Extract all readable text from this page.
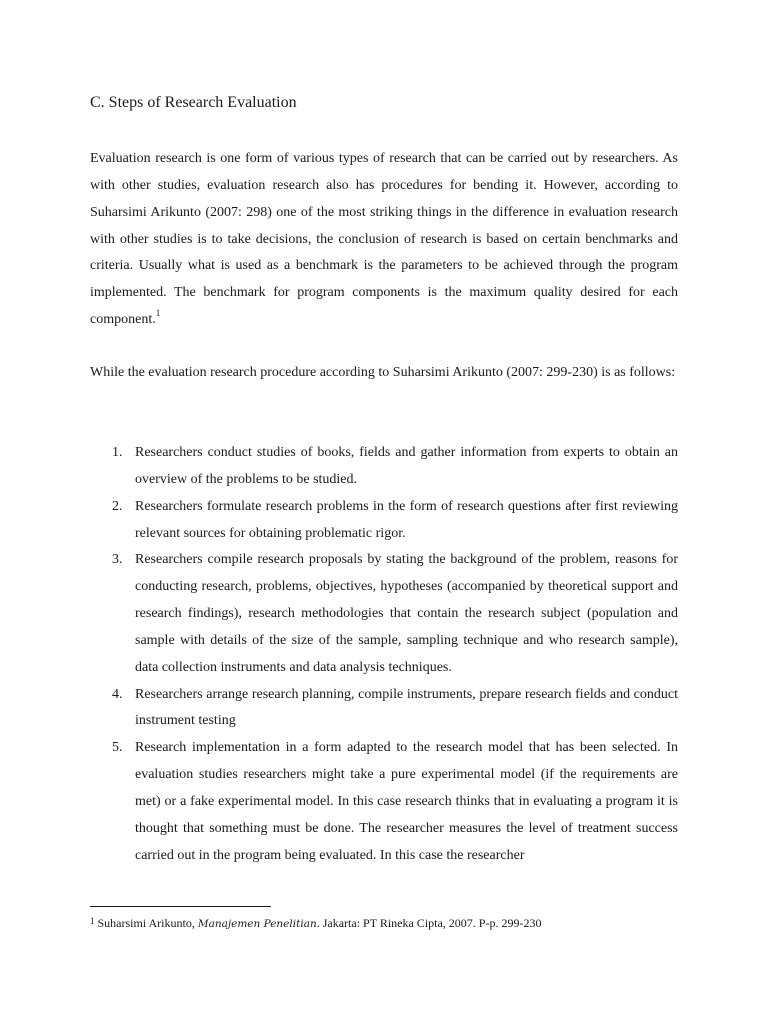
C. Steps of Research Evaluation

Evaluation research is one form of various types of research that can be carried out by researchers. As with other studies, evaluation research also has procedures for bending it. However, according to Suharsimi Arikunto (2007: 298) one of the most striking things in the difference in evaluation research with other studies is to take decisions, the conclusion of research is based on certain benchmarks and criteria. Usually what is used as a benchmark is the parameters to be achieved through the program implemented. The benchmark for program components is the maximum quality desired for each component.$^1$

While the evaluation research procedure according to Suharsimi Arikunto (2007: 299-230) is as follows:

1. Researchers conduct studies of books, fields and gather information from experts to obtain an overview of the problems to be studied.
2. Researchers formulate research problems in the form of research questions after first reviewing relevant sources for obtaining problematic rigor.
3. Researchers compile research proposals by stating the background of the problem, reasons for conducting research, problems, objectives, hypotheses (accompanied by theoretical support and research findings), research methodologies that contain the research subject (population and sample with details of the size of the sample, sampling technique and who research sample), data collection instruments and data analysis techniques.
4. Researchers arrange research planning, compile instruments, prepare research fields and conduct instrument testing
5. Research implementation in a form adapted to the research model that has been selected. In evaluation studies researchers might take a pure experimental model (if the requirements are met) or a fake experimental model. In this case research thinks that in evaluating a program it is thought that something must be done. The researcher measures the level of treatment success carried out in the program being evaluated. In this case the researcher
$^1$ Suharsimi Arikunto, Manajemen Penelitian. Jakarta: PT Rineka Cipta, 2007. P-p. 299-230
